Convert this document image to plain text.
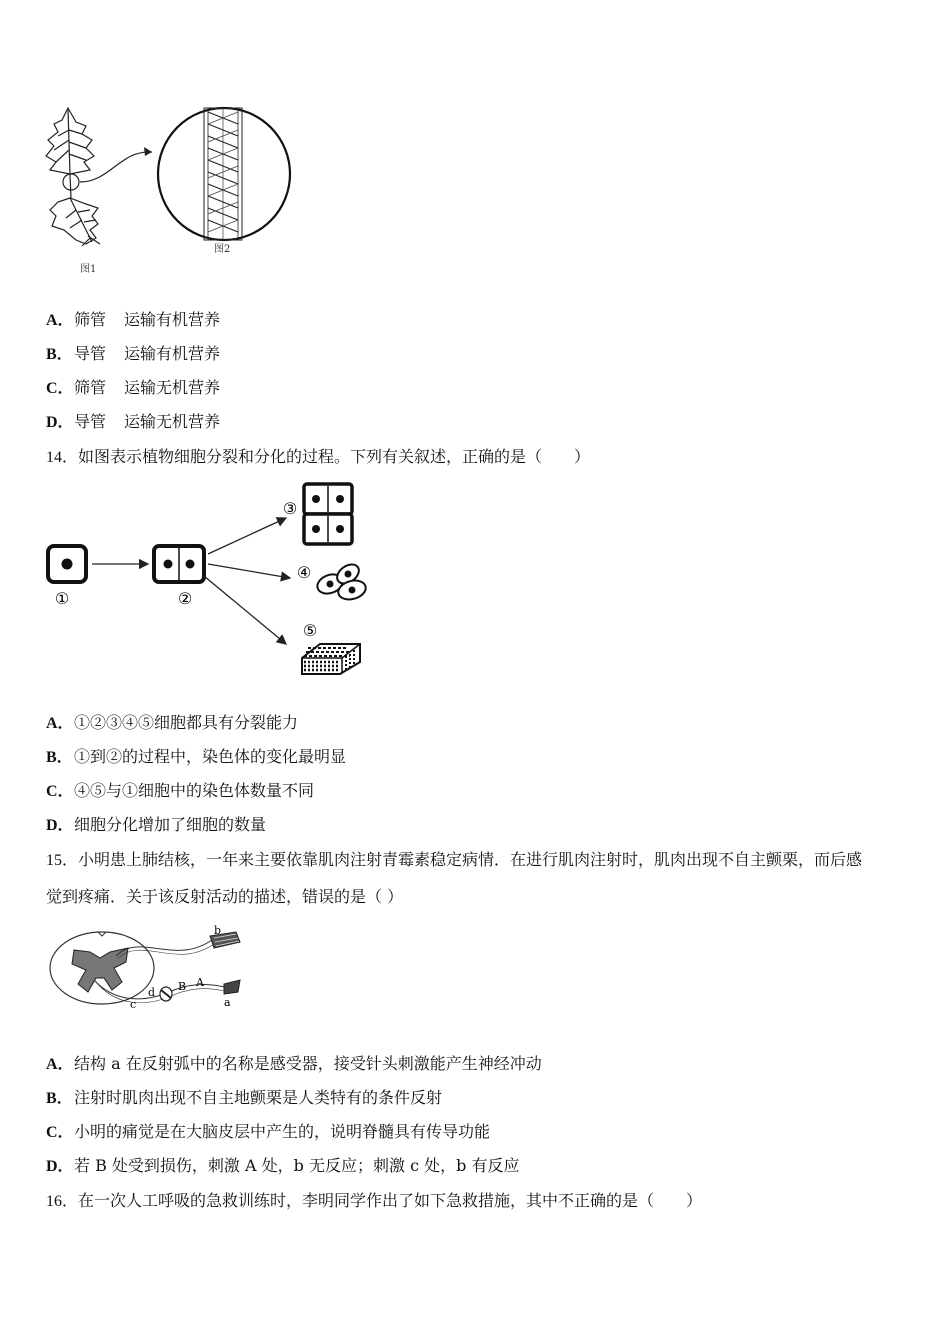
图2
图1
A．筛管 运输有机营养
B．导管 运输有机营养
C．筛管 运输无机营养
D．导管 运输无机营养
14．如图表示植物细胞分裂和分化的过程。下列有关叙述，正确的是（　　）
①	②
③
④
⑤
A．①②③④⑤细胞都具有分裂能力
B．①到②的过程中，染色体的变化最明显
C．④⑤与①细胞中的染色体数量不同
D．细胞分化增加了细胞的数量
15．小明患上肺结核，一年来主要依靠肌肉注射青霉素稳定病情．在进行肌肉注射时，肌肉出现不自主颤栗，而后感
觉到疼痛．关于该反射活动的描述，错误的是（ ）
b
a
c
d B A
A．结构 a 在反射弧中的名称是感受器，接受针头刺激能产生神经冲动
B．注射时肌肉出现不自主地颤栗是人类特有的条件反射
C．小明的痛觉是在大脑皮层中产生的，说明脊髓具有传导功能
D．若 B 处受到损伤，刺激 A 处，b 无反应；刺激 c 处，b 有反应
16．在一次人工呼吸的急救训练时，李明同学作出了如下急救措施，其中不正确的是（　　）
